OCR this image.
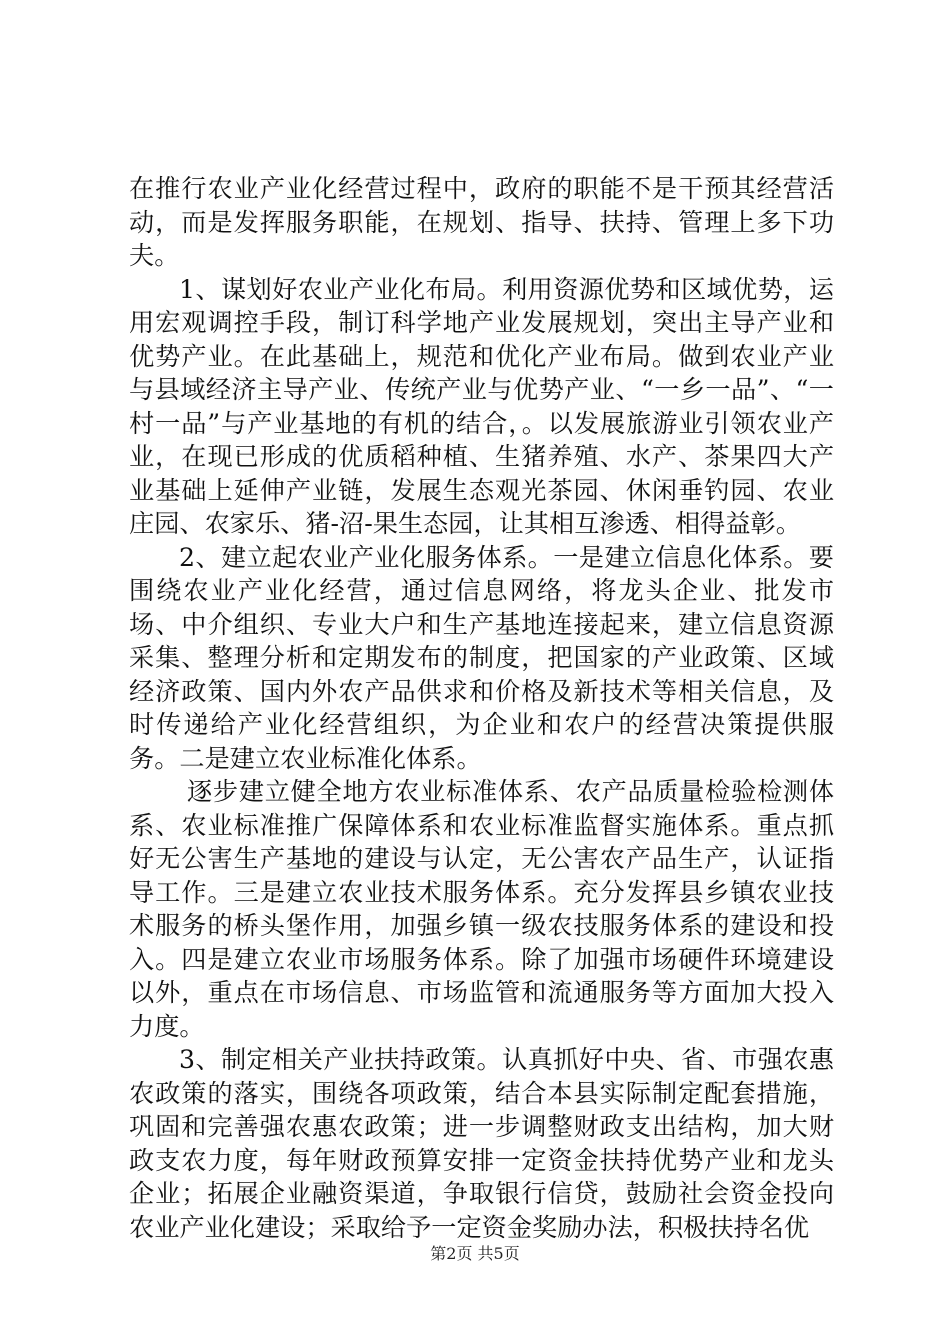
在推行农业产业化经营过程中，政府的职能不是干预其经营活动，而是发挥服务职能，在规划、指导、扶持、管理上多下功夫。

1、谋划好农业产业化布局。利用资源优势和区域优势，运用宏观调控手段，制订科学地产业发展规划，突出主导产业和优势产业。在此基础上，规范和优化产业布局。做到农业产业与县域经济主导产业、传统产业与优势产业、“一乡一品”、“一村一品”与产业基地的有机的结合，。以发展旅游业引领农业产业，在现已形成的优质稻种植、生猪养殖、水产、茶果四大产业基础上延伸产业链，发展生态观光茶园、休闲垂钓园、农业庄园、农家乐、猪-沼-果生态园，让其相互渗透、相得益彰。

2、建立起农业产业化服务体系。一是建立信息化体系。要围绕农业产业化经营，通过信息网络，将龙头企业、批发市场、中介组织、专业大户和生产基地连接起来，建立信息资源采集、整理分析和定期发布的制度，把国家的产业政策、区域经济政策、国内外农产品供求和价格及新技术等相关信息，及时传递给产业化经营组织，为企业和农户的经营决策提供服务。二是建立农业标准化体系。

逐步建立健全地方农业标准体系、农产品质量检验检测体系、农业标准推广保障体系和农业标准监督实施体系。重点抓好无公害生产基地的建设与认定，无公害农产品生产，认证指导工作。三是建立农业技术服务体系。充分发挥县乡镇农业技术服务的桥头堡作用，加强乡镇一级农技服务体系的建设和投入。四是建立农业市场服务体系。除了加强市场硬件环境建设以外，重点在市场信息、市场监管和流通服务等方面加大投入力度。

3、制定相关产业扶持政策。认真抓好中央、省、市强农惠农政策的落实，围绕各项政策，结合本县实际制定配套措施，巩固和完善强农惠农政策；进一步调整财政支出结构，加大财政支农力度，每年财政预算安排一定资金扶持优势产业和龙头企业；拓展企业融资渠道，争取银行信贷，鼓励社会资金投向农业产业化建设；采取给予一定资金奖励办法，积极扶持名优

第2页 共5页
